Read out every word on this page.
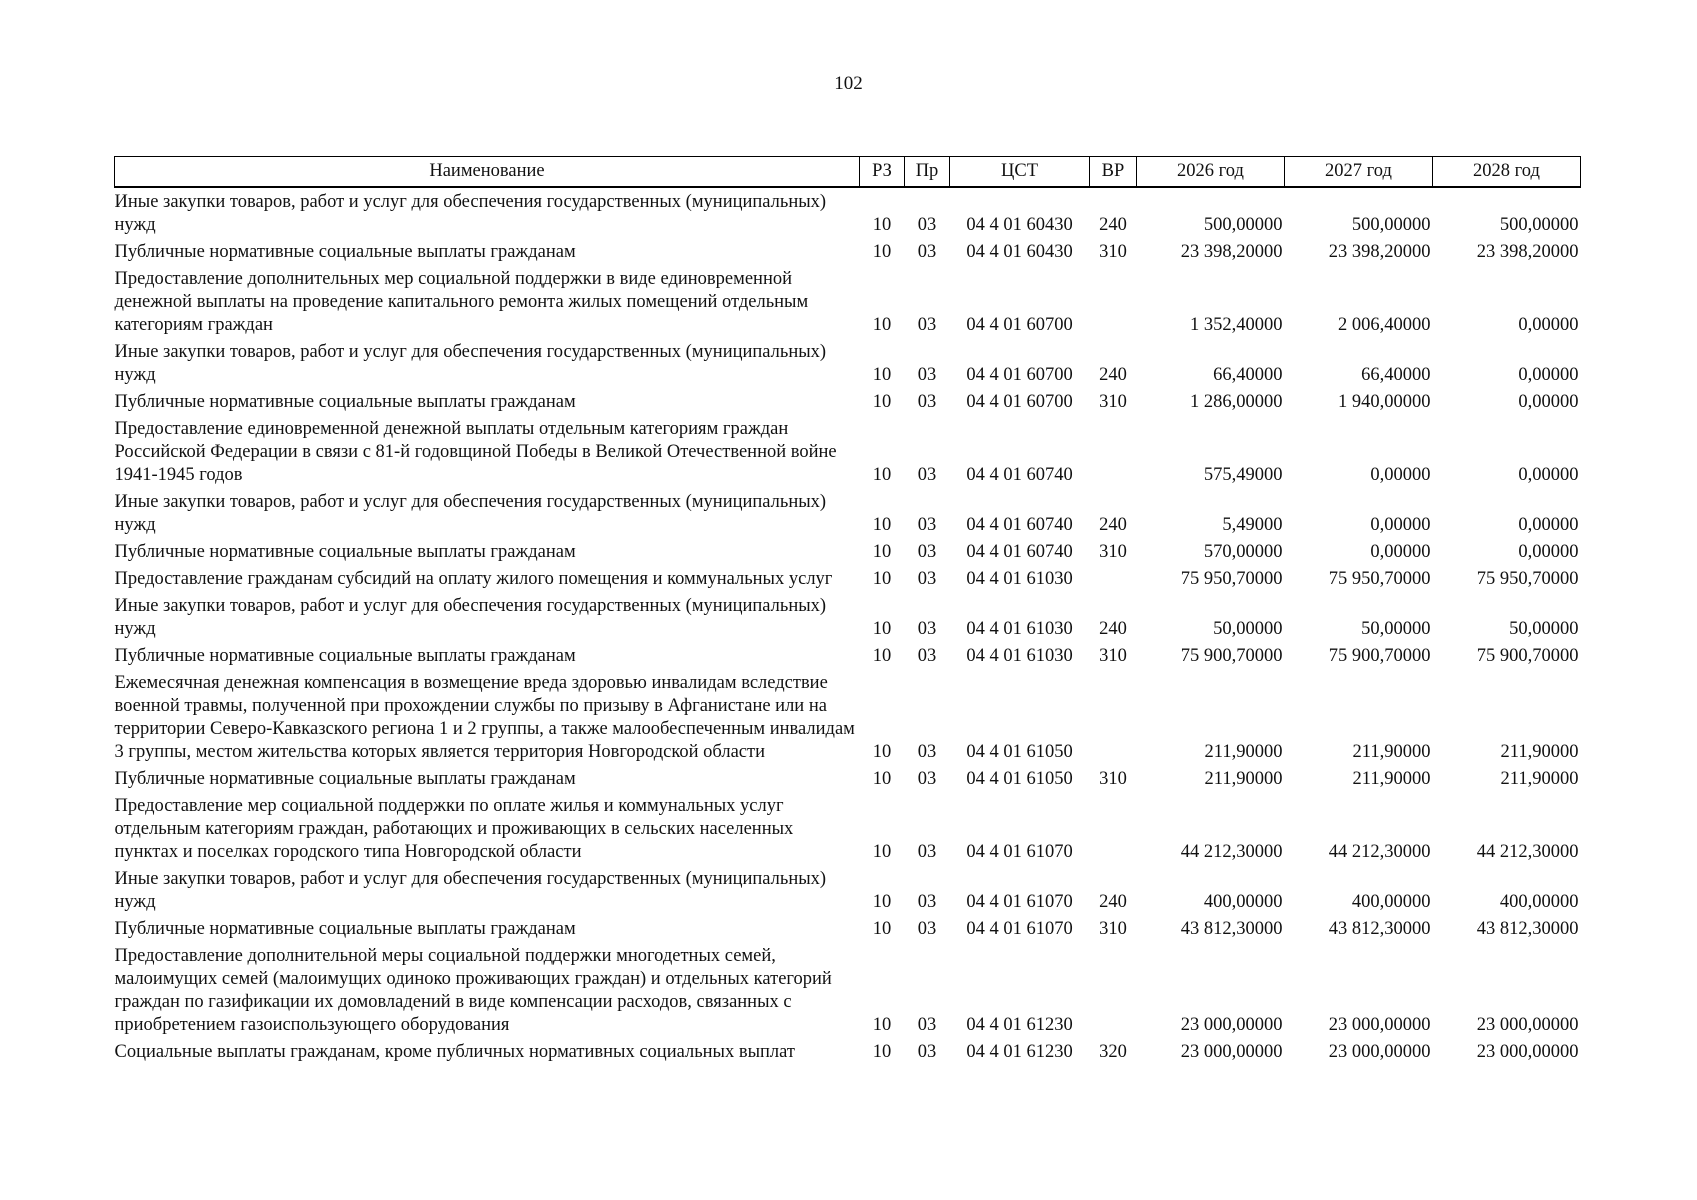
102
Наименование	РЗ	Пр	ЦСТ	ВР	2026 год	2027 год	2028 год
Иные закупки товаров, работ и услуг для обеспечения государственных (муниципальных) нужд	10	03	04 4 01 60430	240	500,00000	500,00000	500,00000
Публичные нормативные социальные выплаты гражданам	10	03	04 4 01 60430	310	23 398,20000	23 398,20000	23 398,20000
Предоставление дополнительных мер социальной поддержки в виде единовременной денежной выплаты на проведение капитального ремонта жилых помещений отдельным категориям граждан	10	03	04 4 01 60700		1 352,40000	2 006,40000	0,00000
Иные закупки товаров, работ и услуг для обеспечения государственных (муниципальных) нужд	10	03	04 4 01 60700	240	66,40000	66,40000	0,00000
Публичные нормативные социальные выплаты гражданам	10	03	04 4 01 60700	310	1 286,00000	1 940,00000	0,00000
Предоставление единовременной денежной выплаты отдельным категориям граждан Российской Федерации в связи с 81-й годовщиной Победы в Великой Отечественной войне 1941-1945 годов	10	03	04 4 01 60740		575,49000	0,00000	0,00000
Иные закупки товаров, работ и услуг для обеспечения государственных (муниципальных) нужд	10	03	04 4 01 60740	240	5,49000	0,00000	0,00000
Публичные нормативные социальные выплаты гражданам	10	03	04 4 01 60740	310	570,00000	0,00000	0,00000
Предоставление гражданам субсидий на оплату жилого помещения и коммунальных услуг	10	03	04 4 01 61030		75 950,70000	75 950,70000	75 950,70000
Иные закупки товаров, работ и услуг для обеспечения государственных (муниципальных) нужд	10	03	04 4 01 61030	240	50,00000	50,00000	50,00000
Публичные нормативные социальные выплаты гражданам	10	03	04 4 01 61030	310	75 900,70000	75 900,70000	75 900,70000
Ежемесячная денежная компенсация в возмещение вреда здоровью инвалидам вследствие военной травмы, полученной при прохождении службы по призыву в Афганистане или на территории Северо-Кавказского региона 1 и 2 группы, а также малообеспеченным инвалидам 3 группы, местом жительства которых является территория Новгородской области	10	03	04 4 01 61050		211,90000	211,90000	211,90000
Публичные нормативные социальные выплаты гражданам	10	03	04 4 01 61050	310	211,90000	211,90000	211,90000
Предоставление мер социальной поддержки по оплате жилья и коммунальных услуг отдельным категориям граждан, работающих и проживающих в сельских населенных пунктах и поселках городского типа Новгородской области	10	03	04 4 01 61070		44 212,30000	44 212,30000	44 212,30000
Иные закупки товаров, работ и услуг для обеспечения государственных (муниципальных) нужд	10	03	04 4 01 61070	240	400,00000	400,00000	400,00000
Публичные нормативные социальные выплаты гражданам	10	03	04 4 01 61070	310	43 812,30000	43 812,30000	43 812,30000
Предоставление дополнительной меры социальной поддержки многодетных семей, малоимущих семей (малоимущих одиноко проживающих граждан) и отдельных категорий граждан по газификации их домовладений в виде компенсации расходов, связанных с приобретением газоиспользующего оборудования	10	03	04 4 01 61230		23 000,00000	23 000,00000	23 000,00000
Социальные выплаты гражданам, кроме публичных нормативных социальных выплат	10	03	04 4 01 61230	320	23 000,00000	23 000,00000	23 000,00000
